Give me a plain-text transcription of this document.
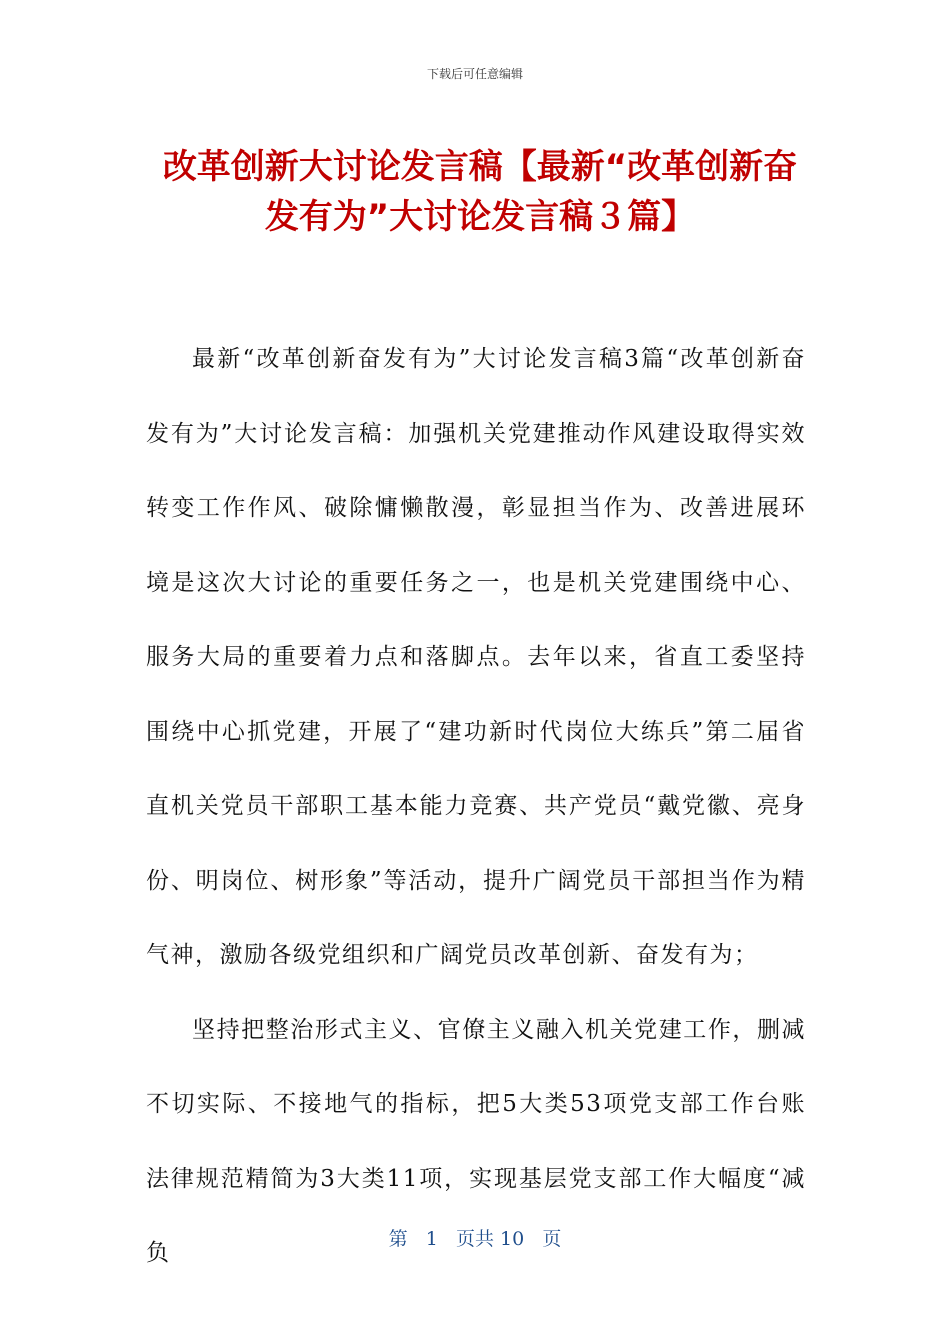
下载后可任意编辑
改革创新大讨论发言稿【最新“改革创新奋发有为”大讨论发言稿３篇】

最新“改革创新奋发有为”大讨论发言稿3篇“改革创新奋发有为”大讨论发言稿：加强机关党建推动作风建设取得实效转变工作作风、破除慵懒散漫，彰显担当作为、改善进展环境是这次大讨论的重要任务之一，也是机关党建围绕中心、服务大局的重要着力点和落脚点。去年以来，省直工委坚持围绕中心抓党建，开展了“建功新时代岗位大练兵”第二届省直机关党员干部职工基本能力竞赛、共产党员“戴党徽、亮身份、明岗位、树形象”等活动，提升广阔党员干部担当作为精气神，激励各级党组织和广阔党员改革创新、奋发有为；

坚持把整治形式主义、官僚主义融入机关党建工作，删减不切实际、不接地气的指标，把5大类53项党支部工作台账法律规范精简为3大类11项，实现基层党支部工作大幅度“减负

第 1 页共 10 页
